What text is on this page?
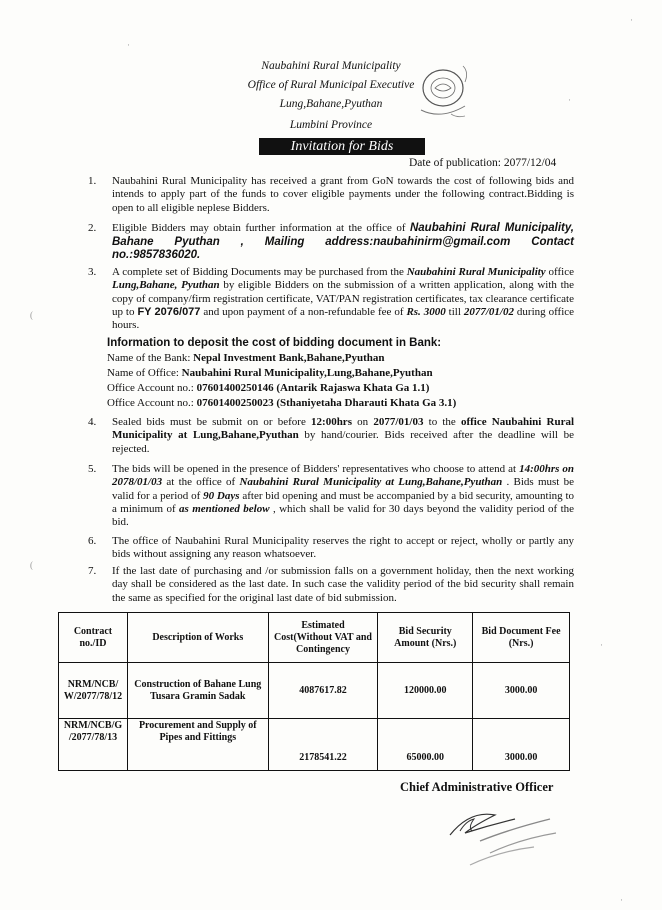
Naubahini Rural Municipality
Office of Rural Municipal Executive
Lung,Bahane,Pyuthan
Lumbini Province
Invitation for Bids
Date of publication: 2077/12/04
1. Naubahini Rural Municipality has received a grant from GoN towards the cost of following bids and intends to apply part of the funds to cover eligible payments under the following contract.Bidding is open to all eligible neplese Bidders.
2. Eligible Bidders may obtain further information at the office of Naubahini Rural Municipality, Bahane Pyuthan , Mailing address:naubahinirm@gmail.com Contact no.:9857836020.
3. A complete set of Bidding Documents may be purchased from the Naubahini Rural Municipality office Lung,Bahane, Pyuthan by eligible Bidders on the submission of a written application, along with the copy of company/firm registration certificate, VAT/PAN registration certificates, tax clearance certificate up to FY 2076/077 and upon payment of a non-refundable fee of Rs. 3000 till 2077/01/02 during office hours.
Information to deposit the cost of bidding document in Bank:
Name of the Bank: Nepal Investment Bank,Bahane,Pyuthan
Name of Office: Naubahini Rural Municipality,Lung,Bahane,Pyuthan
Office Account no.: 07601400250146 (Antarik Rajaswa Khata Ga 1.1)
Office Account no.: 07601400250023 (Sthaniyetaha Dharauti Khata Ga 3.1)
4. Sealed bids must be submit on or before 12:00hrs on 2077/01/03 to the office Naubahini Rural Municipality at Lung,Bahane,Pyuthan by hand/courier. Bids received after the deadline will be rejected.
5. The bids will be opened in the presence of Bidders' representatives who choose to attend at 14:00hrs on 2078/01/03 at the office of Naubahini Rural Municipality at Lung,Bahane,Pyuthan . Bids must be valid for a period of 90 Days after bid opening and must be accompanied by a bid security, amounting to a minimum of as mentioned below , which shall be valid for 30 days beyond the validity period of the bid.
6. The office of Naubahini Rural Municipality reserves the right to accept or reject, wholly or partly any bids without assigning any reason whatsoever.
7. If the last date of purchasing and /or submission falls on a government holiday, then the next working day shall be considered as the last date. In such case the validity period of the bid security shall remain the same as specified for the original last date of bid submission.
Contract no./ID	Description of Works	Estimated Cost(Without VAT and Contingency	Bid Security Amount (Nrs.)	Bid Document Fee (Nrs.)
NRM/NCB/ W/2077/78/12	Construction of Bahane Lung Tusara Gramin Sadak	4087617.82	120000.00	3000.00
NRM/NCB/G /2077/78/13	Procurement and Supply of Pipes and Fittings	2178541.22	65000.00	3000.00
Chief Administrative Officer
·
·
·
·
(
(
·
